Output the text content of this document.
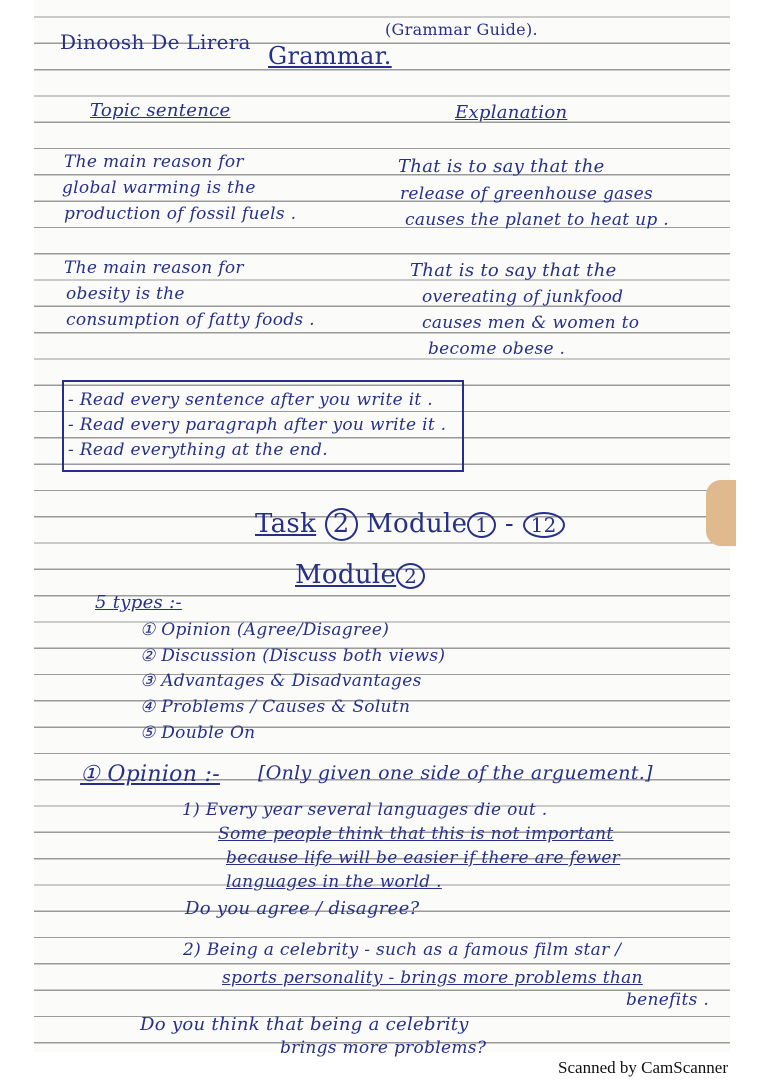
Dinoosh De Lirera
(Grammar Guide).
Grammar.
Topic sentence	Explanation
The main reason for
global warming is the
production of fossil fuels .
That is to say that the
release of greenhouse gases
causes the planet to heat up .
The main reason for
obesity is the
consumption of fatty foods .
That is to say that the
overeating of junkfood
causes men & women to
become obese .
- Read every sentence after you write it .
- Read every paragraph after you write it .
- Read everything at the end.
Task 2 Module 1 - 12
Module 2
5 types :-
① Opinion (Agree/Disagree)
② Discussion (Discuss both views)
③ Advantages & Disadvantages
④ Problems / Causes & Solutn
⑤ Double On
① Opinion :- [Only given one side of the arguement.]
1) Every year several languages die out .
Some people think that this is not important
because life will be easier if there are fewer
languages in the world .
Do you agree / disagree?
2) Being a celebrity - such as a famous film star /
sports personality - brings more problems than
benefits .
Do you think that being a celebrity
brings more problems?
Scanned by CamScanner
